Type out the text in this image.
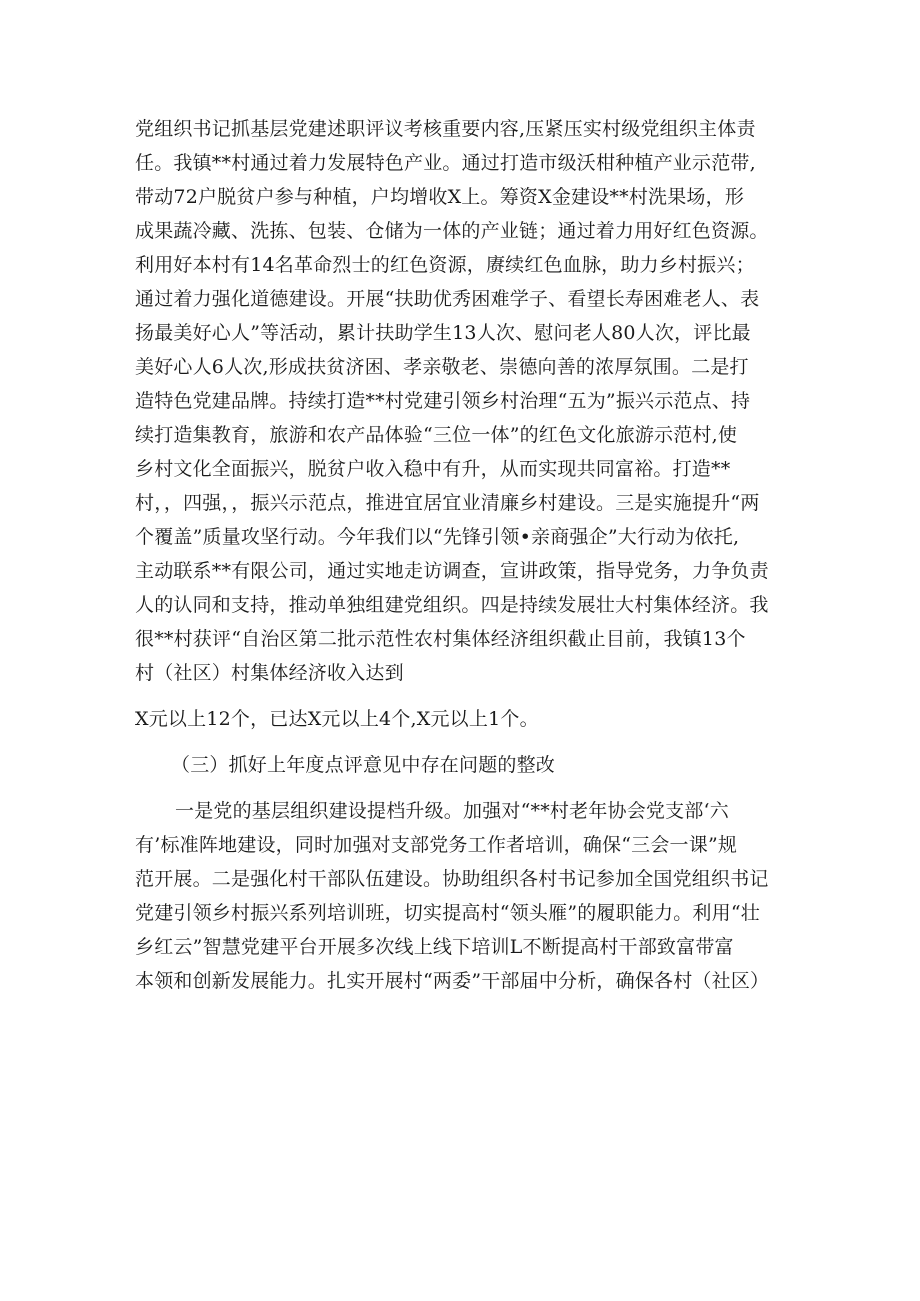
党组织书记抓基层党建述职评议考核重要内容,压紧压实村级党组织主体责
任。我镇**村通过着力发展特色产业。通过打造市级沃柑种植产业示范带,
带动72户脱贫户参与种植，户均增收X上。筹资X金建设**村洗果场，形
成果蔬冷藏、洗拣、包装、仓储为一体的产业链；通过着力用好红色资源。
利用好本村有14名革命烈士的红色资源，赓续红色血脉，助力乡村振兴；
通过着力强化道德建设。开展“扶助优秀困难学子、看望长寿困难老人、表
扬最美好心人”等活动，累计扶助学生13人次、慰问老人80人次，评比最
美好心人6人次,形成扶贫济困、孝亲敬老、崇德向善的浓厚氛围。二是打
造特色党建品牌。持续打造**村党建引领乡村治理“五为”振兴示范点、持
续打造集教育，旅游和农产品体验“三位一体”的红色文化旅游示范村,使
乡村文化全面振兴，脱贫户收入稳中有升，从而实现共同富裕。打造**
村，，四强，，振兴示范点，推进宜居宜业清廉乡村建设。三是实施提升“两
个覆盖”质量攻坚行动。今年我们以“先锋引领•亲商强企”大行动为依托,
主动联系**有限公司，通过实地走访调查，宣讲政策，指导党务，力争负责
人的认同和支持，推动单独组建党组织。四是持续发展壮大村集体经济。我
很**村获评“自治区第二批示范性农村集体经济组织截止目前，我镇13个
村（社区）村集体经济收入达到
X元以上12个，已达X元以上4个,X元以上1个。
（三）抓好上年度点评意见中存在问题的整改
一是党的基层组织建设提档升级。加强对“**村老年协会党支部‘六
有’标准阵地建设，同时加强对支部党务工作者培训，确保“三会一课”规
范开展。二是强化村干部队伍建设。协助组织各村书记参加全国党组织书记
党建引领乡村振兴系列培训班，切实提高村“领头雁”的履职能力。利用“壮
乡红云”智慧党建平台开展多次线上线下培训L不断提高村干部致富带富
本领和创新发展能力。扎实开展村“两委”干部届中分析，确保各村（社区）
